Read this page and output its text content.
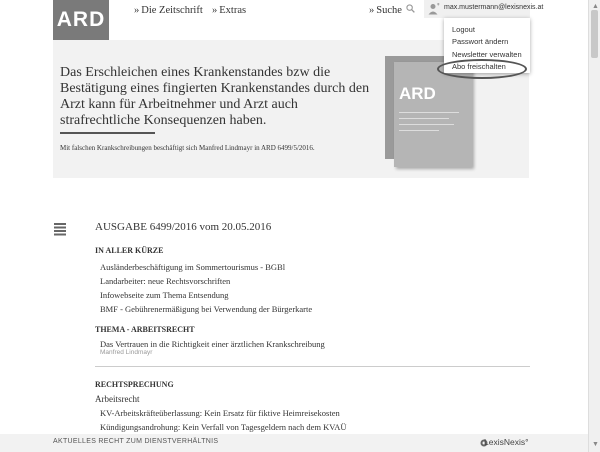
ARD	» Die Zeitschrift » Extras	» Suche	max.mustermann@lexisnexis.at
Logout
Passwort ändern
Newsletter verwalten
Abo freischalten
Das Erschleichen eines Krankenstandes bzw die Bestätigung eines fingierten Krankenstandes durch den Arzt kann für Arbeitnehmer und Arzt auch strafrechtliche Konsequenzen haben.
Mit falschen Krankschreibungen beschäftigt sich Manfred Lindmayr in ARD 6499/5/2016.
ARD
AUSGABE 6499/2016 vom 20.05.2016
IN ALLER KÜRZE
Ausländerbeschäftigung im Sommertourismus - BGBl
Landarbeiter: neue Rechtsvorschriften
Infowebseite zum Thema Entsendung
BMF - Gebührenermäßigung bei Verwendung der Bürgerkarte
THEMA - ARBEITSRECHT
Das Vertrauen in die Richtigkeit einer ärztlichen Krankschreibung
Manfred Lindmayr
RECHTSPRECHUNG
Arbeitsrecht
KV-Arbeitskräfteüberlassung: Kein Ersatz für fiktive Heimreisekosten
Kündigungsandrohung: Kein Verfall von Tagesgeldern nach dem KVAÜ
AKTUELLES RECHT ZUM DIENSTVERHÄLTNIS	LexisNexis°
▲
▼
